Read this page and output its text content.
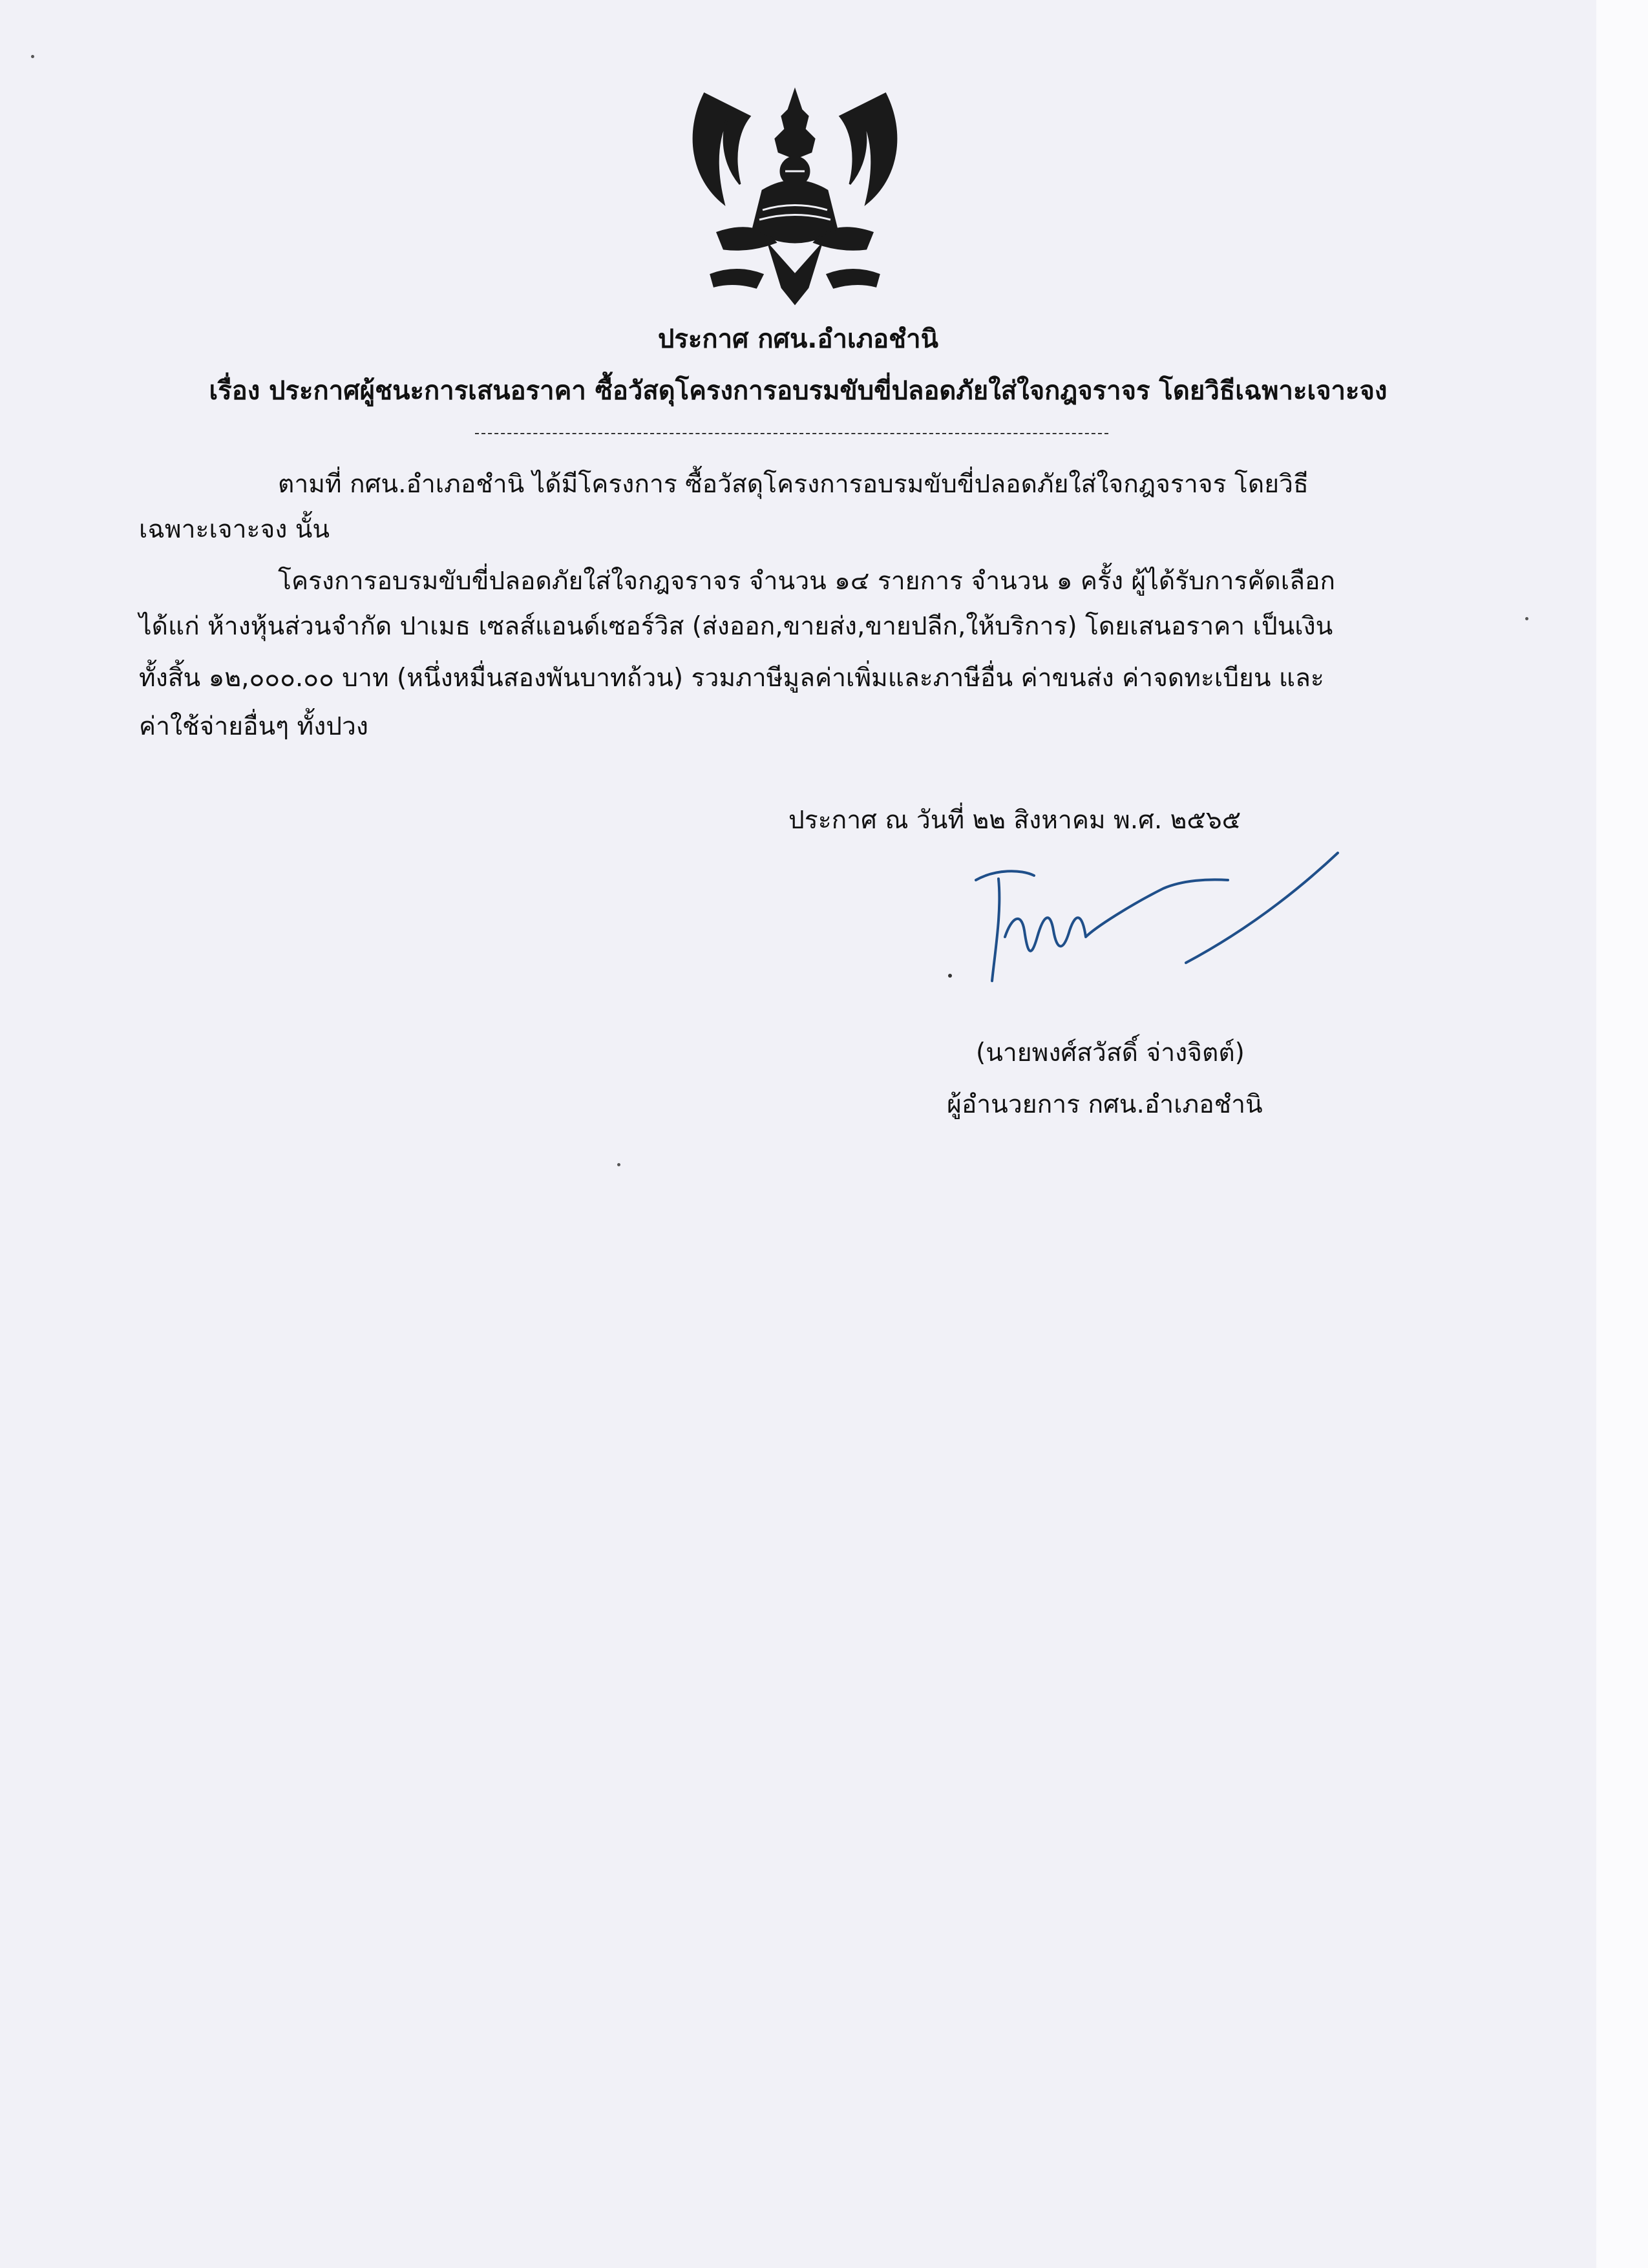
ประกาศ กศน.อำเภอชำนิ
เรื่อง ประกาศผู้ชนะการเสนอราคา ซื้อวัสดุโครงการอบรมขับขี่ปลอดภัยใส่ใจกฎจราจร โดยวิธีเฉพาะเจาะจง
ตามที่ กศน.อำเภอชำนิ ได้มีโครงการ ซื้อวัสดุโครงการอบรมขับขี่ปลอดภัยใส่ใจกฎจราจร โดยวิธี
เฉพาะเจาะจง นั้น
โครงการอบรมขับขี่ปลอดภัยใส่ใจกฎจราจร จำนวน ๑๔ รายการ จำนวน ๑ ครั้ง ผู้ได้รับการคัดเลือก
ได้แก่ ห้างหุ้นส่วนจำกัด ปาเมธ เซลส์แอนด์เซอร์วิส (ส่งออก,ขายส่ง,ขายปลีก,ให้บริการ) โดยเสนอราคา เป็นเงิน
ทั้งสิ้น ๑๒,๐๐๐.๐๐ บาท (หนึ่งหมื่นสองพันบาทถ้วน) รวมภาษีมูลค่าเพิ่มและภาษีอื่น ค่าขนส่ง ค่าจดทะเบียน และ
ค่าใช้จ่ายอื่นๆ ทั้งปวง
ประกาศ ณ วันที่ ๒๒ สิงหาคม พ.ศ. ๒๕๖๕
(นายพงศ์สวัสดิ์ จ่างจิตต์)
ผู้อำนวยการ กศน.อำเภอชำนิ
